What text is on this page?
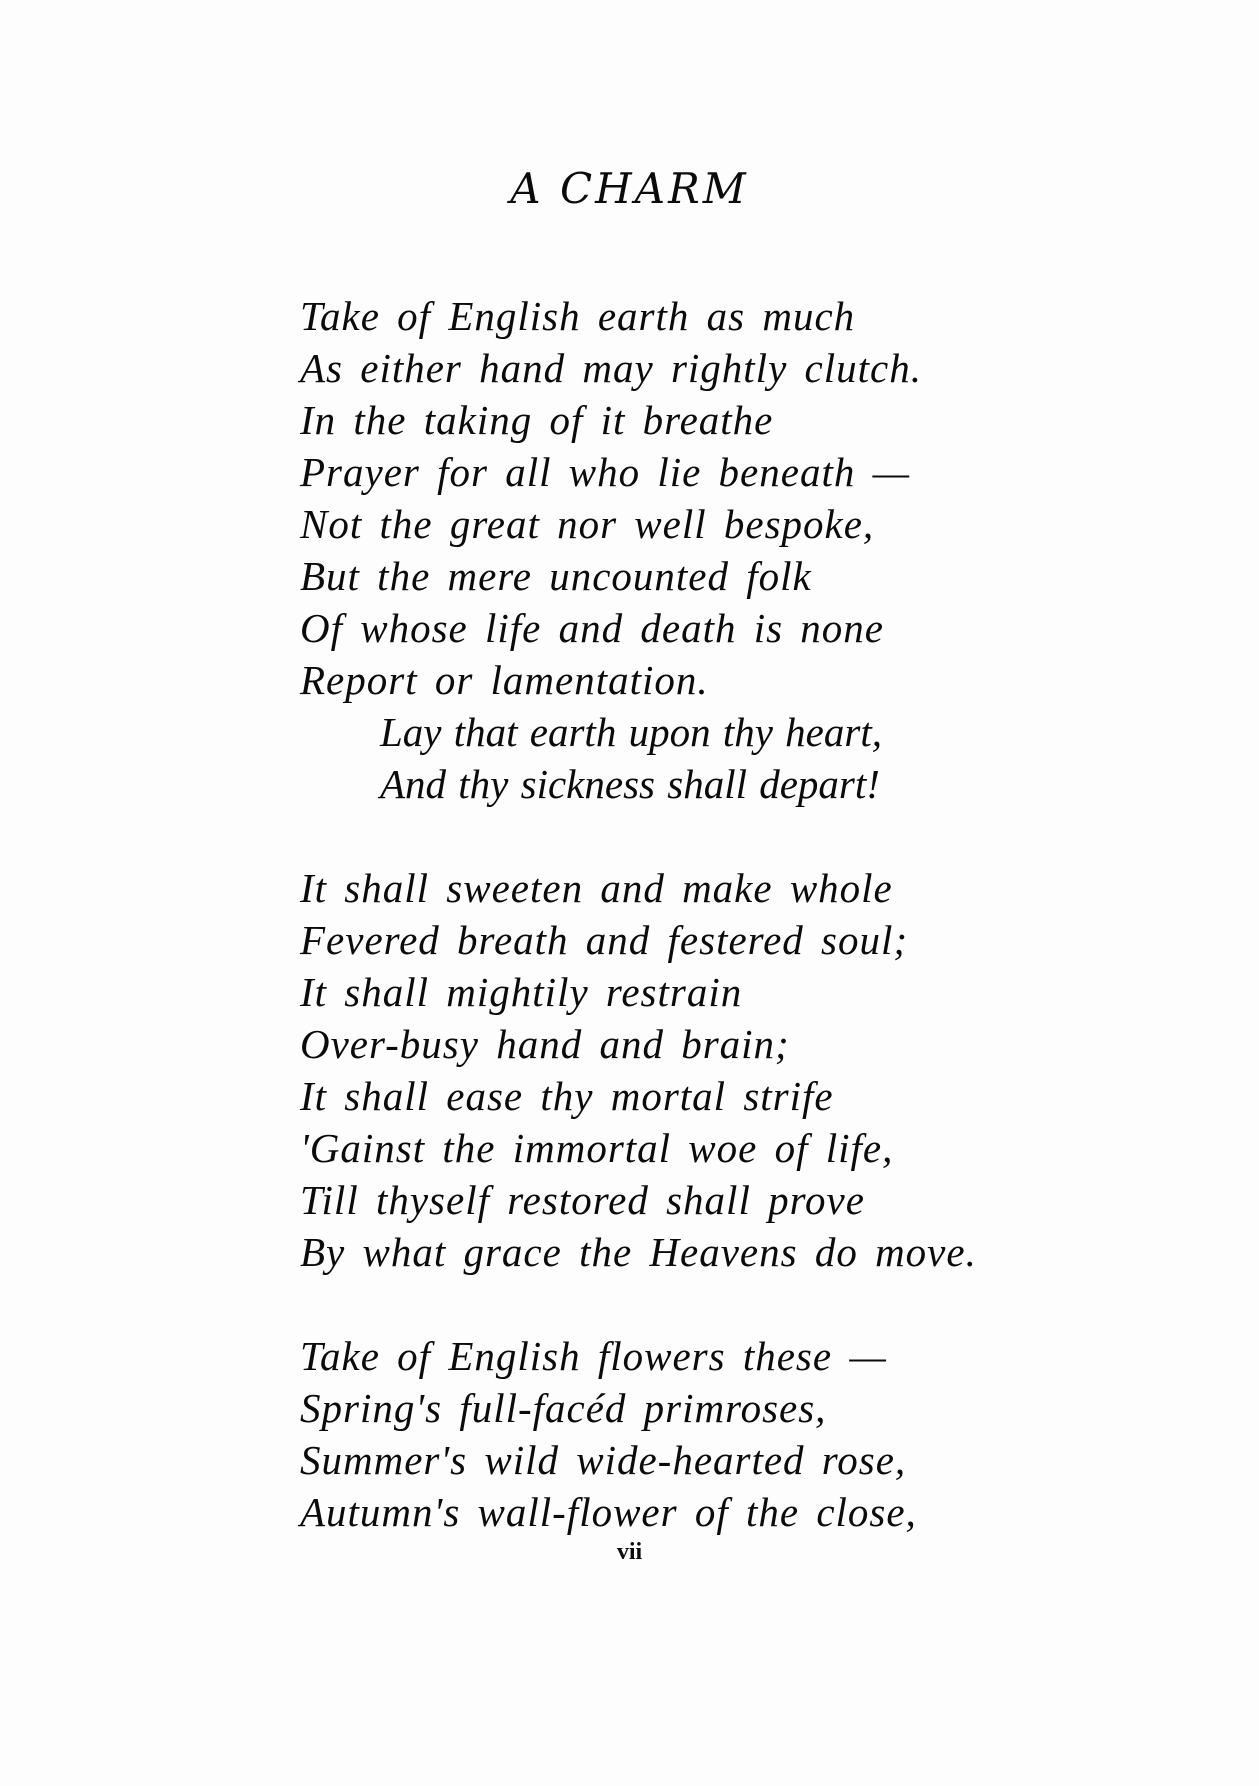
A CHARM
Take of English earth as much
As either hand may rightly clutch.
In the taking of it breathe
Prayer for all who lie beneath —
Not the great nor well bespoke,
But the mere uncounted folk
Of whose life and death is none
Report or lamentation.
Lay that earth upon thy heart,
And thy sickness shall depart!
It shall sweeten and make whole
Fevered breath and festered soul;
It shall mightily restrain
Over-busy hand and brain;
It shall ease thy mortal strife
'Gainst the immortal woe of life,
Till thyself restored shall prove
By what grace the Heavens do move.
Take of English flowers these —
Spring's full-facéd primroses,
Summer's wild wide-hearted rose,
Autumn's wall-flower of the close,
vii
